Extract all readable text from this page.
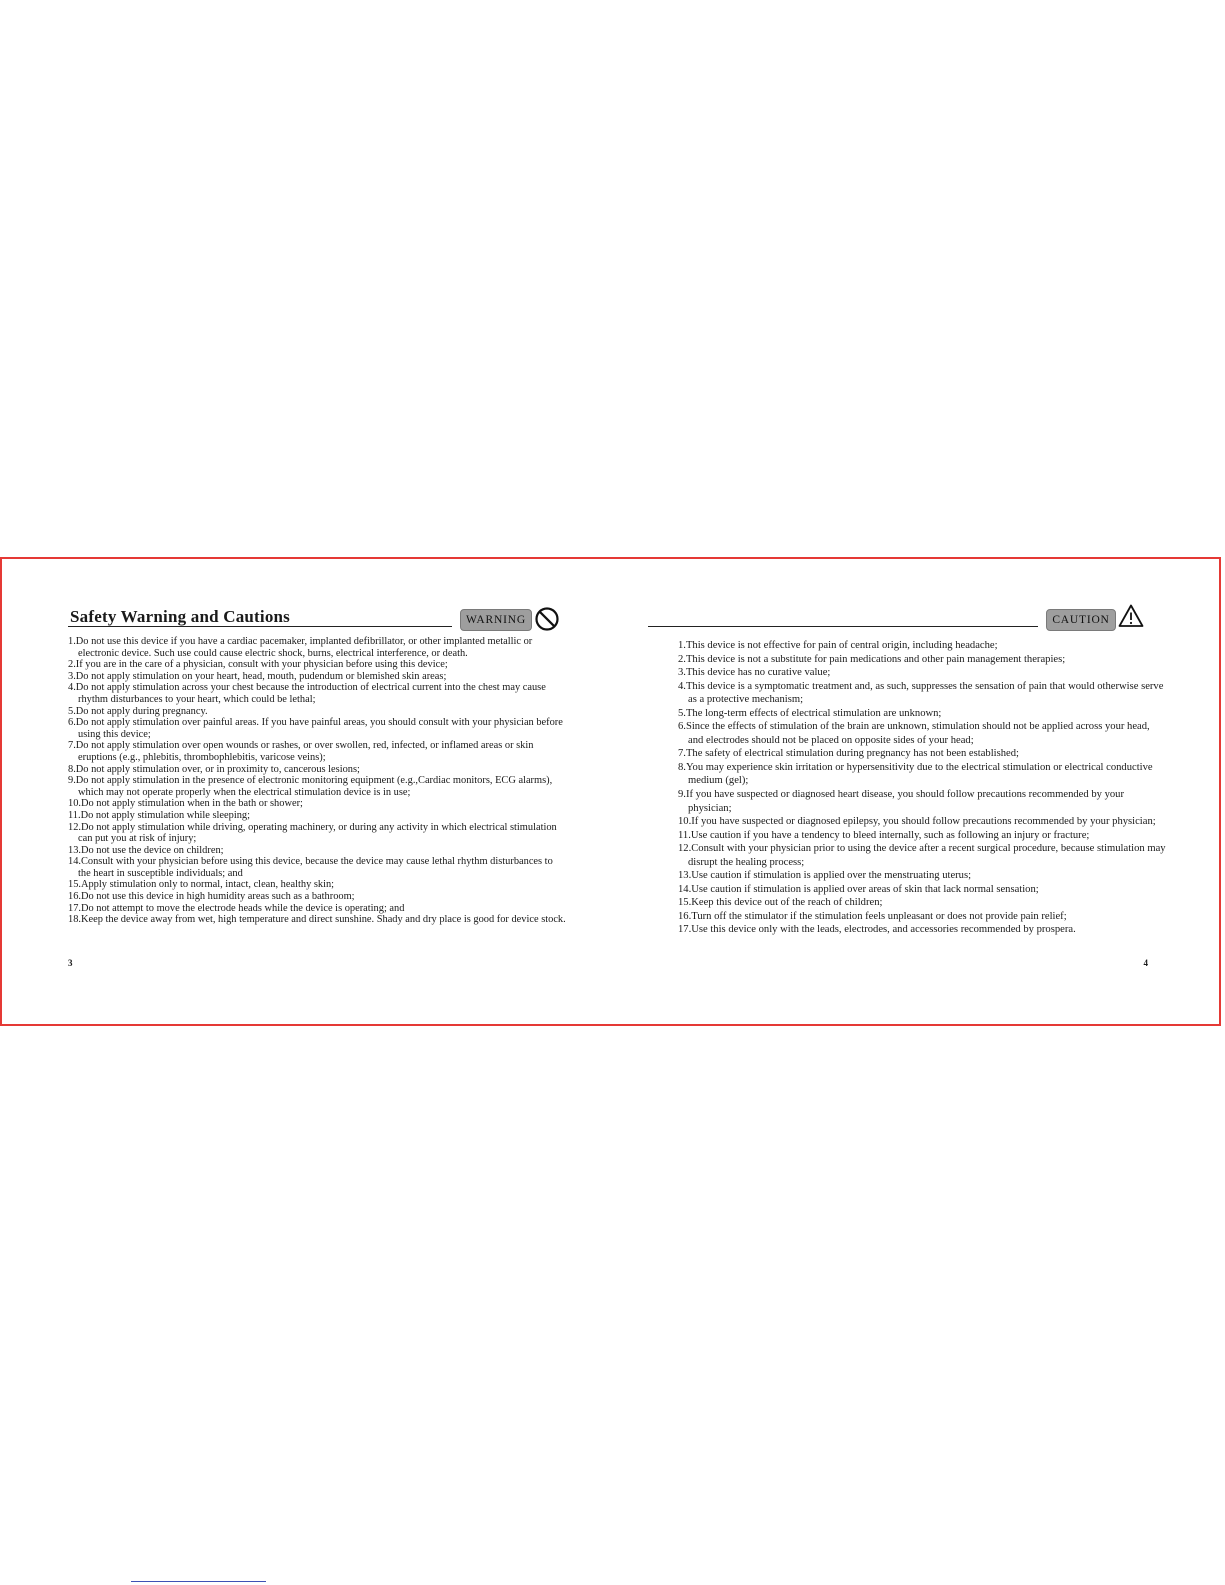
Safety Warning and Cautions	WARNING
1.Do not use this device if you have a cardiac pacemaker, implanted defibrillator, or other implanted metallic or electronic device. Such use could cause electric shock, burns, electrical interference, or death.
2.If you are in the care of a physician, consult with your physician before using this device;
3.Do not apply stimulation on your heart, head, mouth, pudendum or blemished skin areas;
4.Do not apply stimulation across your chest because the introduction of electrical current into the chest may cause rhythm disturbances to your heart, which could be lethal;
5.Do not apply during pregnancy.
6.Do not apply stimulation over painful areas. If you have painful areas, you should consult with your physician before using this device;
7.Do not apply stimulation over open wounds or rashes, or over swollen, red, infected, or inflamed areas or skin eruptions (e.g., phlebitis, thrombophlebitis, varicose veins);
8.Do not apply stimulation over, or in proximity to, cancerous lesions;
9.Do not apply stimulation in the presence of electronic monitoring equipment (e.g.,Cardiac monitors, ECG alarms), which may not operate properly when the electrical stimulation device is in use;
10.Do not apply stimulation when in the bath or shower;
11.Do not apply stimulation while sleeping;
12.Do not apply stimulation while driving, operating machinery, or during any activity in which electrical stimulation can put you at risk of injury;
13.Do not use the device on children;
14.Consult with your physician before using this device, because the device may cause lethal rhythm disturbances to the heart in susceptible individuals; and
15.Apply stimulation only to normal, intact, clean, healthy skin;
16.Do not use this device in high humidity areas such as a bathroom;
17.Do not attempt to move the electrode heads while the device is operating; and
18.Keep the device away from wet, high temperature and direct sunshine. Shady and dry place is good for device stock.
3
CAUTION
1.This device is not effective for pain of central origin, including headache;
2.This device is not a substitute for pain medications and other pain management therapies;
3.This device has no curative value;
4.This device is a symptomatic treatment and, as such, suppresses the sensation of pain that would otherwise serve as a protective mechanism;
5.The long-term effects of electrical stimulation are unknown;
6.Since the effects of stimulation of the brain are unknown, stimulation should not be applied across your head, and electrodes should not be placed on opposite sides of your head;
7.The safety of electrical stimulation during pregnancy has not been established;
8.You may experience skin irritation or hypersensitivity due to the electrical stimulation or electrical conductive medium (gel);
9.If you have suspected or diagnosed heart disease, you should follow precautions recommended by your physician;
10.If you have suspected or diagnosed epilepsy, you should follow precautions recommended by your physician;
11.Use caution if you have a tendency to bleed internally, such as following an injury or fracture;
12.Consult with your physician prior to using the device after a recent surgical procedure, because stimulation may disrupt the healing process;
13.Use caution if stimulation is applied over the menstruating uterus;
14.Use caution if stimulation is applied over areas of skin that lack normal sensation;
15.Keep this device out of the reach of children;
16.Turn off the stimulator if the stimulation feels unpleasant or does not provide pain relief;
17.Use this device only with the leads, electrodes, and accessories recommended by prospera.
4
